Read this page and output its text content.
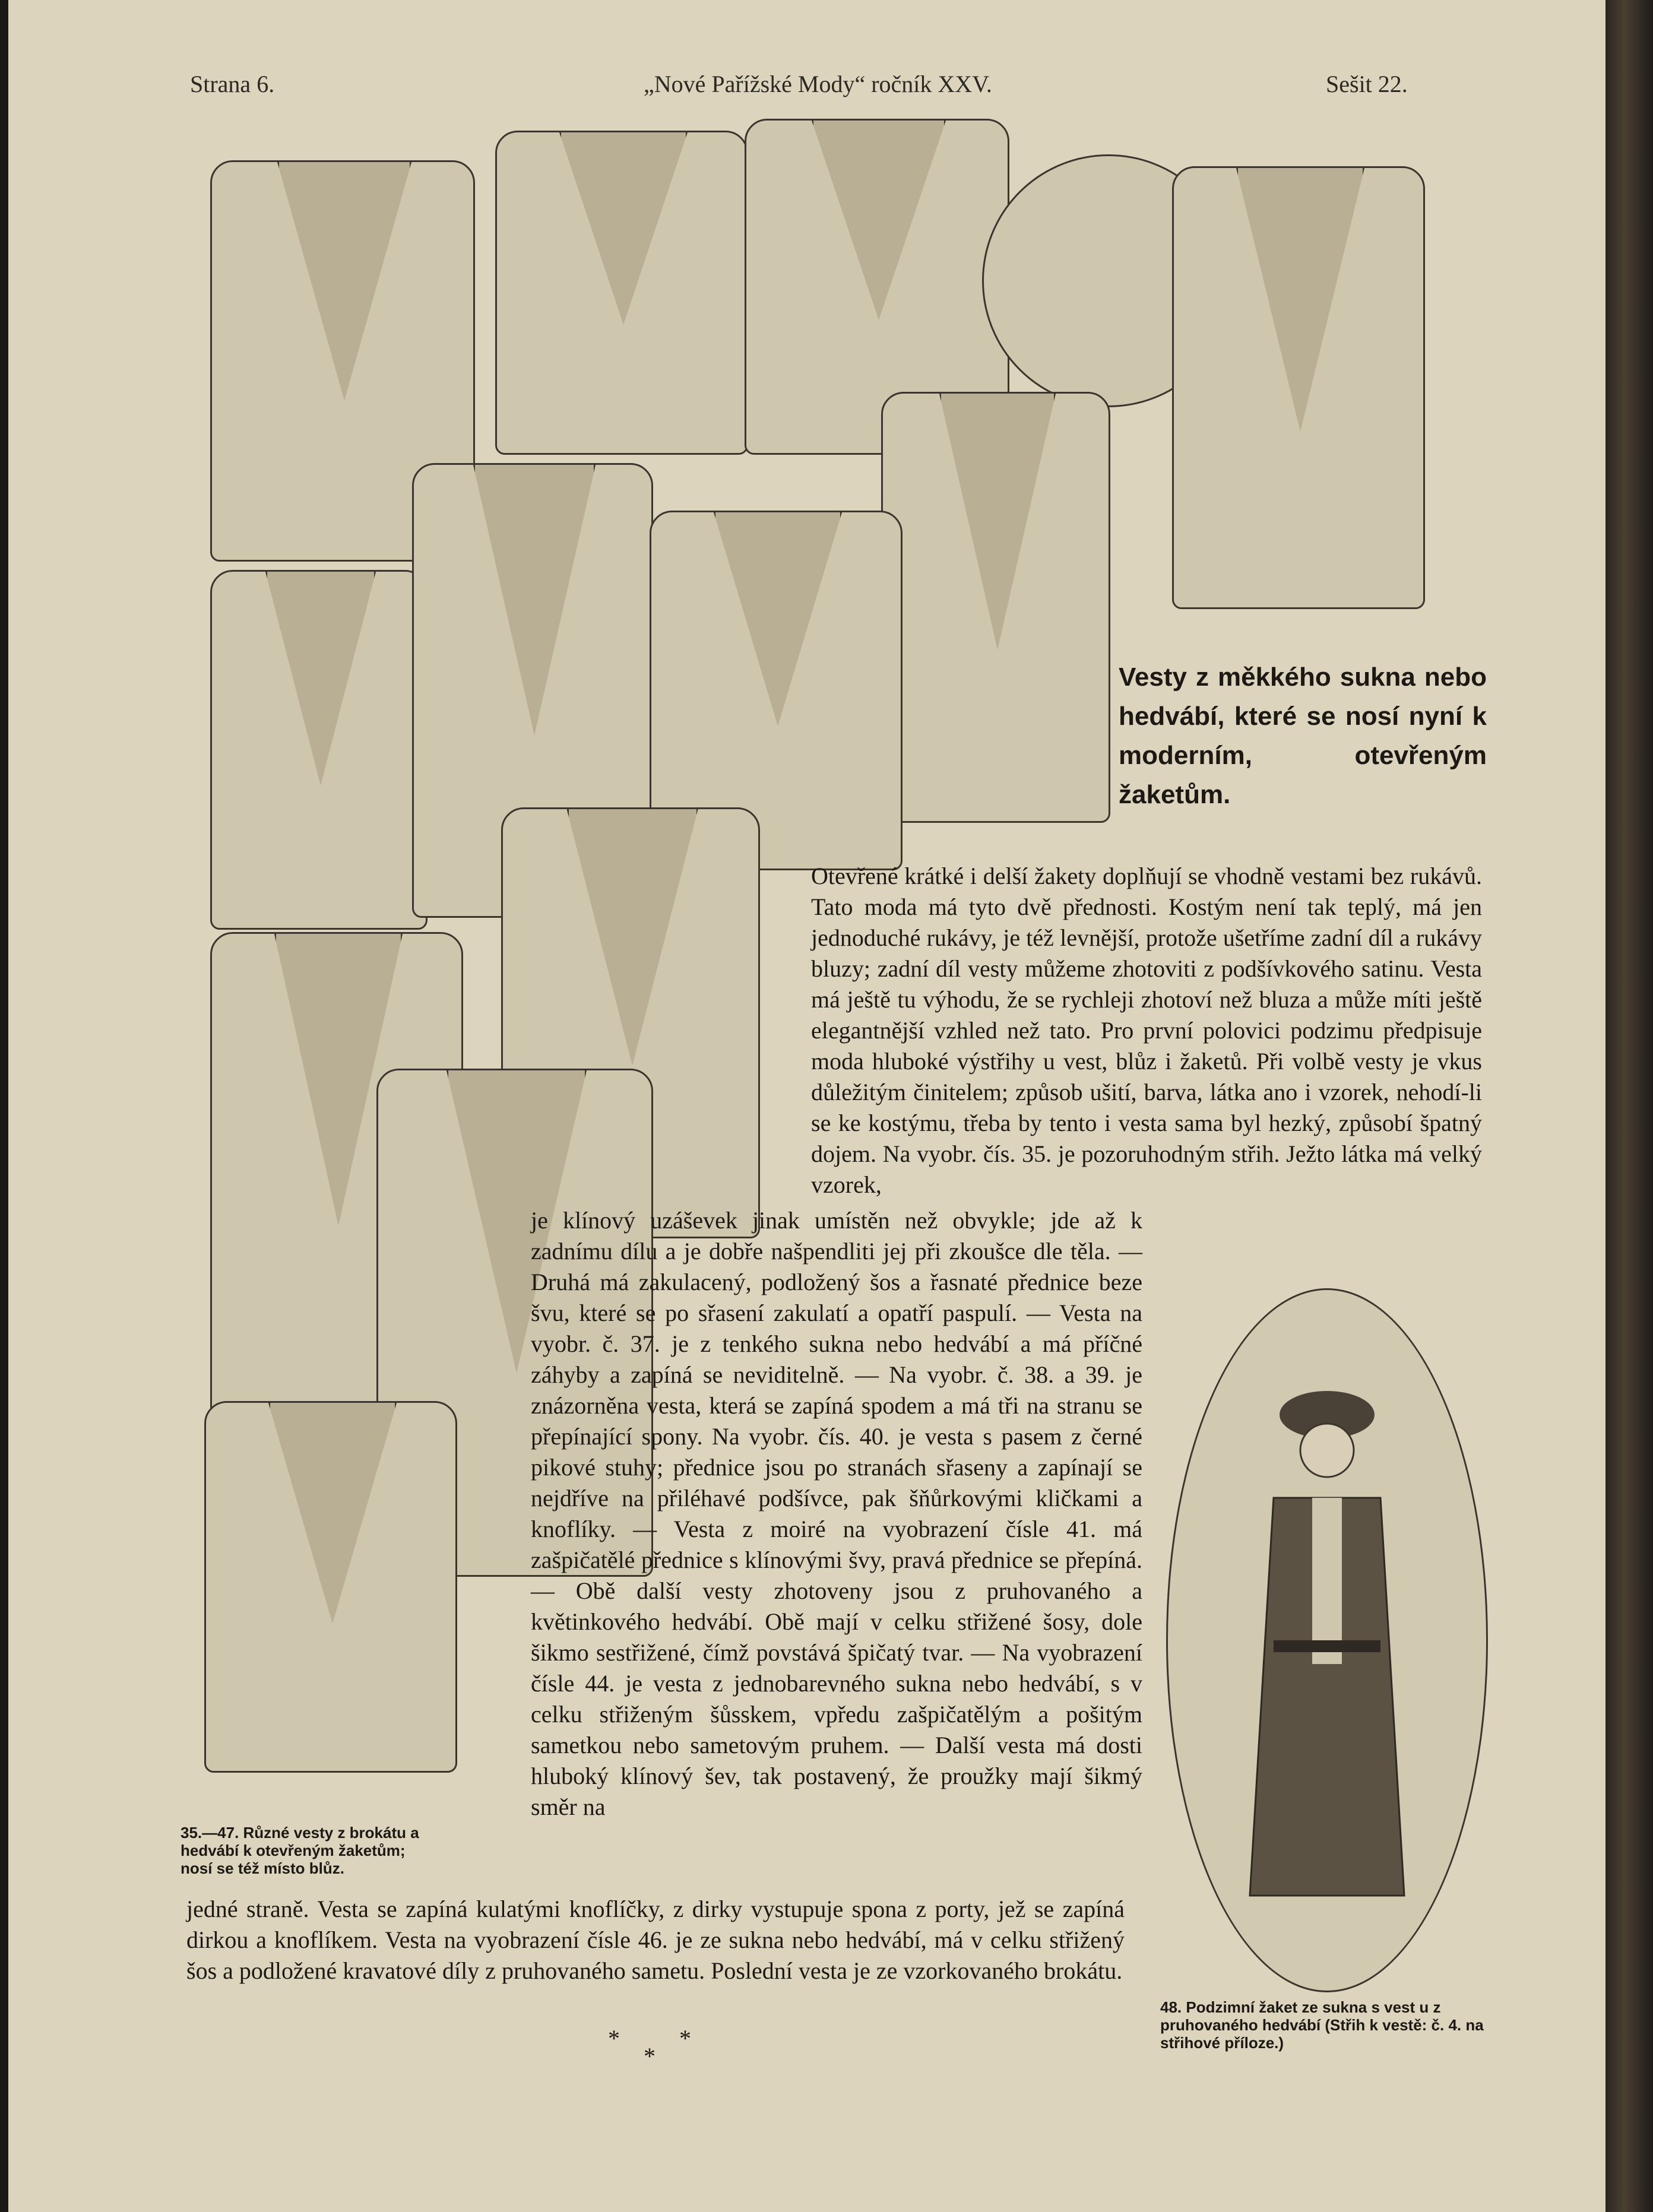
Strana 6.	„Nové Pařížské Mody“ ročník XXV.	Sešit 22.
Vesty z měkkého sukna nebo hedvábí, které se nosí nyní k moderním, otevřeným žaketům.
Otevřené krátké i delší žakety doplňují se vhodně vestami bez rukávů. Tato moda má tyto dvě přednosti. Kostým není tak teplý, má jen jednoduché rukávy, je též levnější, protože ušetříme zadní díl a rukávy bluzy; zadní díl vesty můžeme zhotoviti z podšívkového satinu. Vesta má ještě tu výhodu, že se rychleji zhotoví než bluza a může míti ještě elegantnější vzhled než tato. Pro první polovici podzimu předpisuje moda hluboké výstřihy u vest, blůz i žaketů. Při volbě vesty je vkus důležitým činitelem; způsob ušití, barva, látka ano i vzorek, nehodí-li se ke kostýmu, třeba by tento i vesta sama byl hezký, způsobí špatný dojem. Na vyobr. čís. 35. je pozoruhodným střih. Ježto látka má velký vzorek,
je klínový uzáševek jinak umístěn než obvykle; jde až k zadnímu dílu a je dobře našpendliti jej při zkoušce dle těla. — Druhá má zakulacený, podložený šos a řasnaté přednice beze švu, které se po sřasení zakulatí a opatří paspulí. — Vesta na vyobr. č. 37. je z tenkého sukna nebo hedvábí a má příčné záhyby a zapíná se neviditelně. — Na vyobr. č. 38. a 39. je znázorněna vesta, která se zapíná spodem a má tři na stranu se přepínající spony. Na vyobr. čís. 40. je vesta s pasem z černé pikové stuhy; přednice jsou po stranách sřaseny a zapínají se nejdříve na přiléhavé podšívce, pak šňůrkovými kličkami a knoflíky. — Vesta z moiré na vyobrazení čísle 41. má zašpičatělé přednice s klínovými švy, pravá přednice se přepíná. — Obě další vesty zhotoveny jsou z pruhovaného a květinkového hedvábí. Obě mají v celku střižené šosy, dole šikmo sestřižené, čímž povstává špičatý tvar. — Na vyobrazení čísle 44. je vesta z jednobarevného sukna nebo hedvábí, s v celku střiženým šůsskem, vpředu zašpičatělým a pošitým sametkou nebo sametovým pruhem. — Další vesta má dosti hluboký klínový šev, tak postavený, že proužky mají šikmý směr na
jedné straně. Vesta se zapíná kulatými knoflíčky, z dirky vystupuje spona z porty, jež se zapíná dirkou a knoflíkem. Vesta na vyobrazení čísle 46. je ze sukna nebo hedvábí, má v celku střižený šos a podložené kravatové díly z pruhovaného sametu. Poslední vesta je ze vzorkovaného brokátu.
35.—47. Různé vesty z brokátu a hedvábí k otevřeným žaketům; nosí se též místo blůz.
48. Podzimní žaket ze sukna s vest u z pruhovaného hedvábí (Střih k vestě: č. 4. na střihové příloze.)
*	*
*
